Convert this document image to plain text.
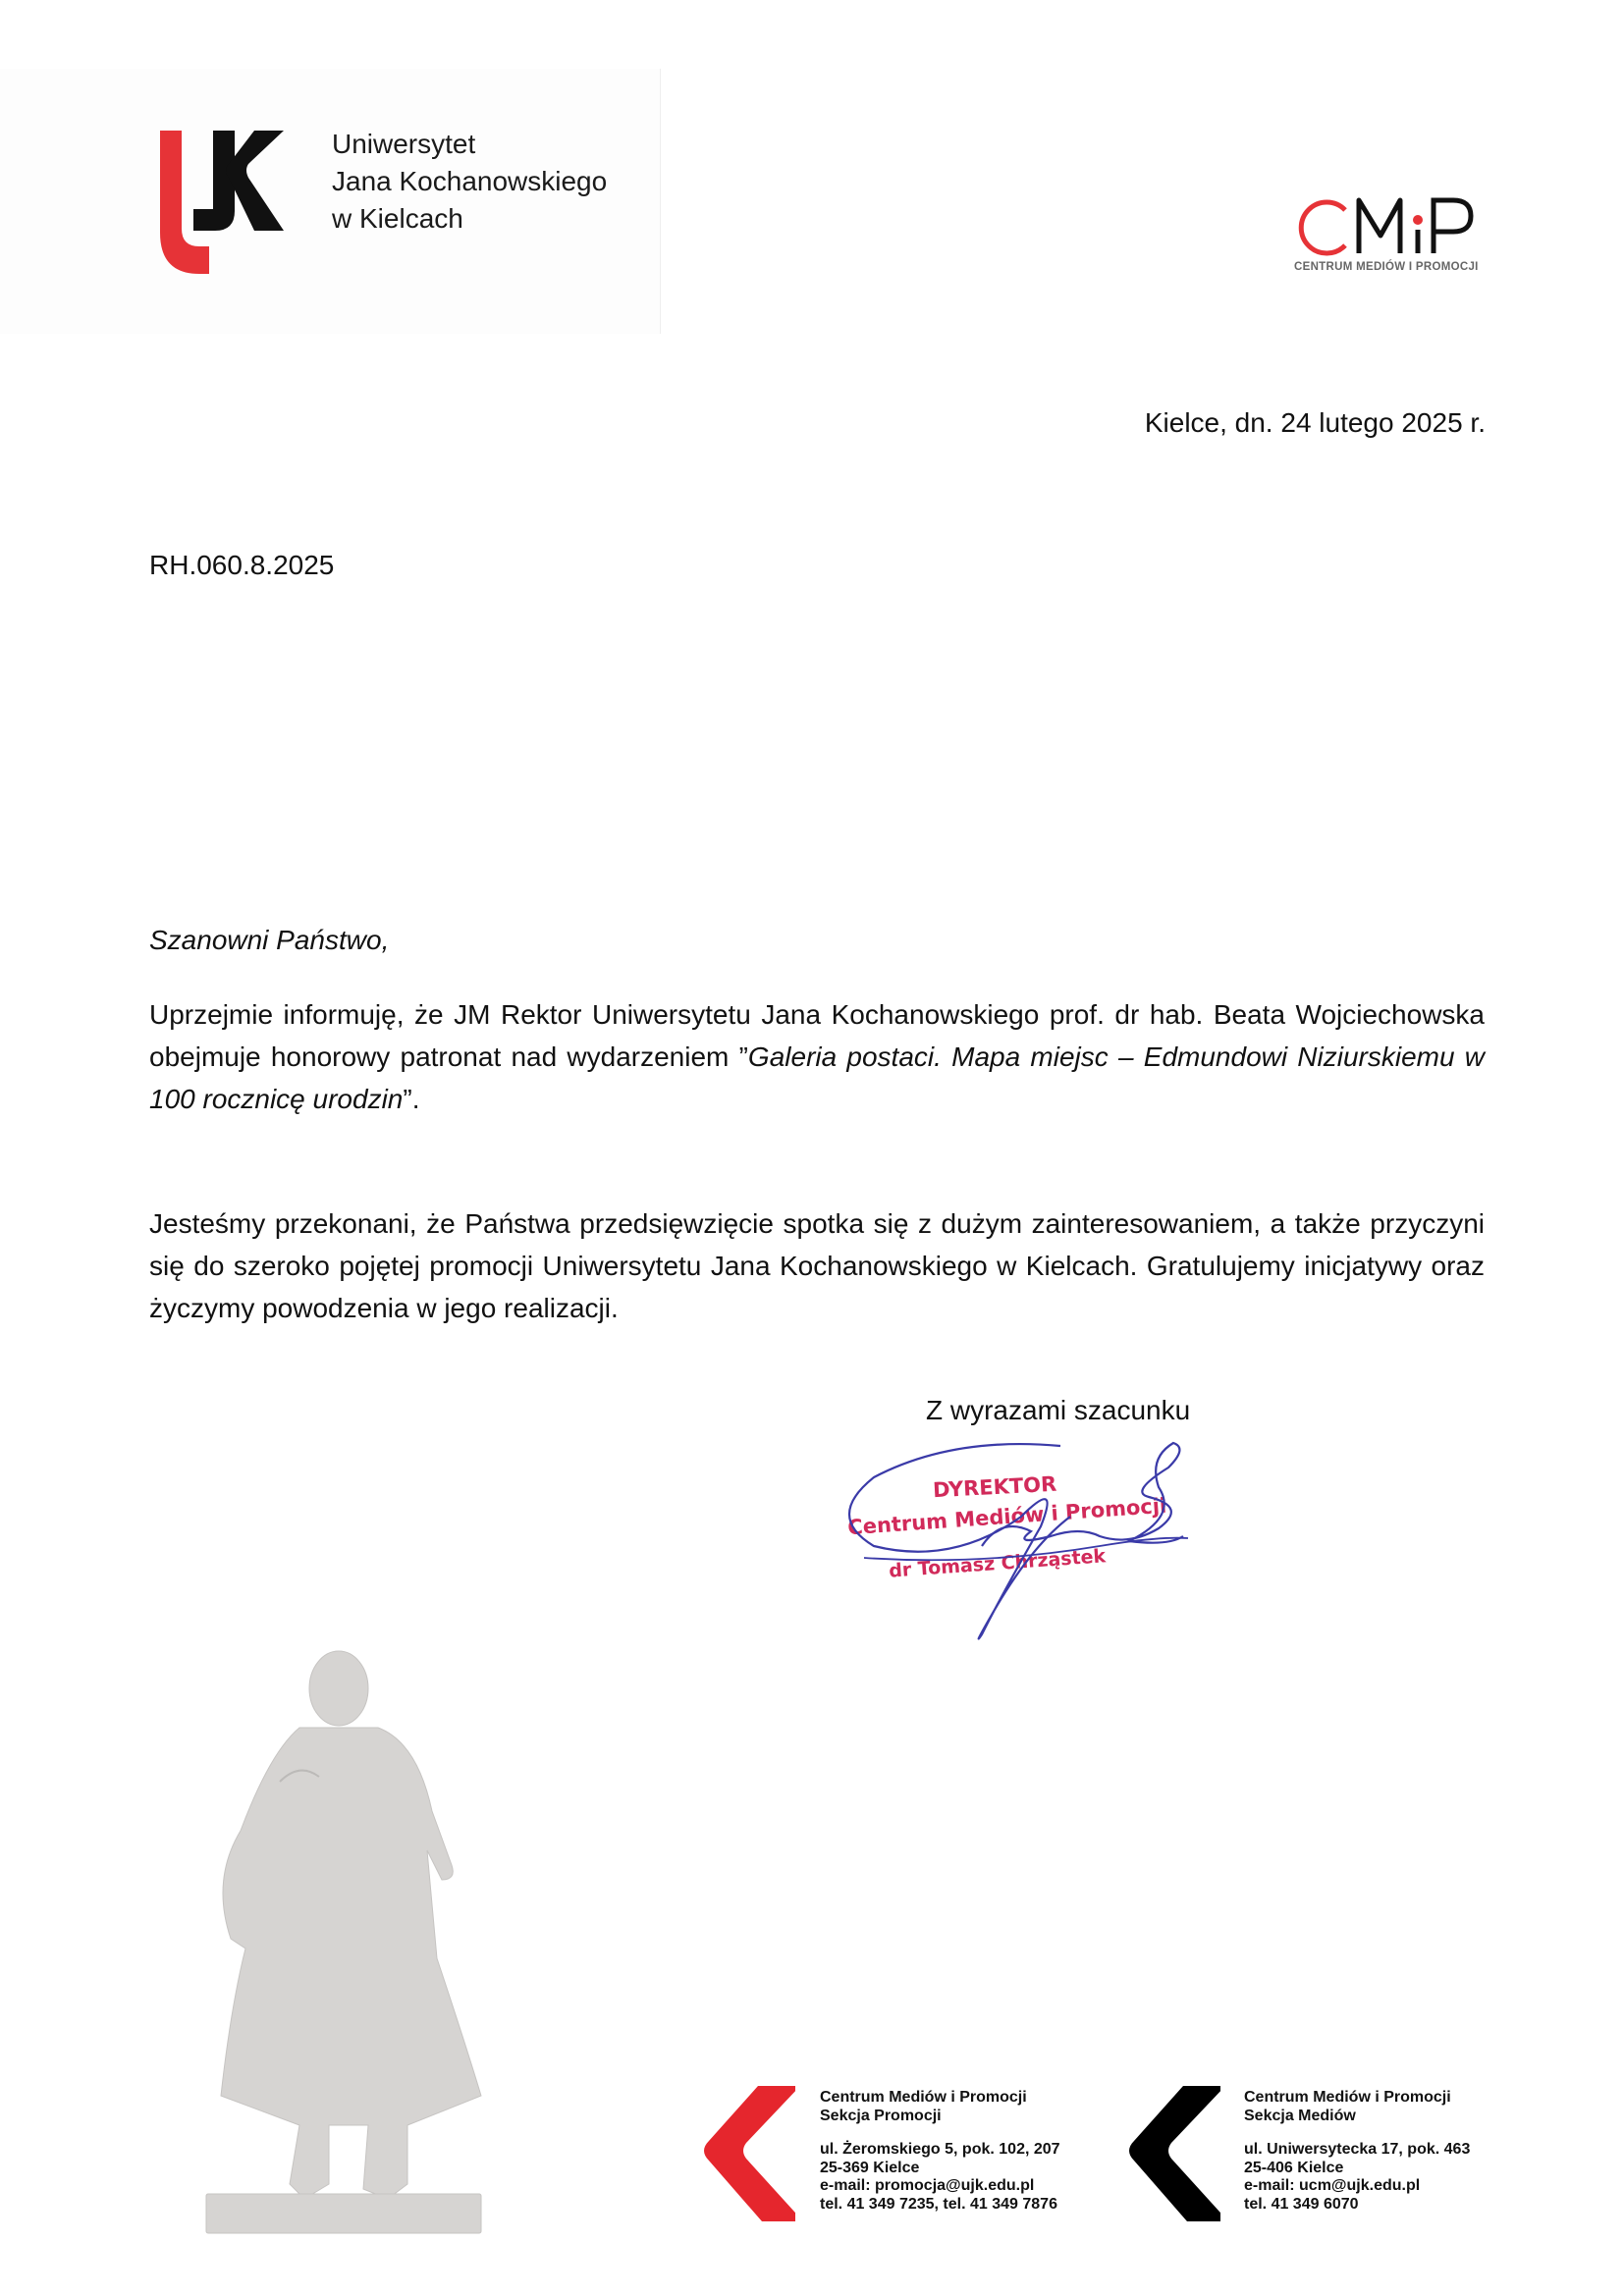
Uniwersytet
Jana Kochanowskiego
w Kielcach
CENTRUM MEDIÓW I PROMOCJI
Kielce, dn. 24 lutego 2025 r.
RH.060.8.2025
Szanowni Państwo,
Uprzejmie informuję, że JM Rektor Uniwersytetu Jana Kochanowskiego prof. dr hab. Beata Wojciechowska obejmuje honorowy patronat nad wydarzeniem ”Galeria postaci. Mapa miejsc – Edmundowi Niziurskiemu w 100 rocznicę urodzin”.
Jesteśmy przekonani, że Państwa przedsięwzięcie spotka się z dużym zainteresowaniem, a także przyczyni się do szeroko pojętej promocji Uniwersytetu Jana Kochanowskiego w Kielcach. Gratulujemy inicjatywy oraz życzymy powodzenia w jego realizacji.
Z wyrazami szacunku
DYREKTOR
Centrum Mediów i Promocji
dr Tomasz Chrząstek
Centrum Mediów i Promocji
Sekcja Promocji
ul. Żeromskiego 5, pok. 102, 207
25-369 Kielce
e-mail: promocja@ujk.edu.pl
tel. 41 349 7235, tel. 41 349 7876
Centrum Mediów i Promocji
Sekcja Mediów
ul. Uniwersytecka 17, pok. 463
25-406 Kielce
e-mail: ucm@ujk.edu.pl
tel. 41 349 6070
